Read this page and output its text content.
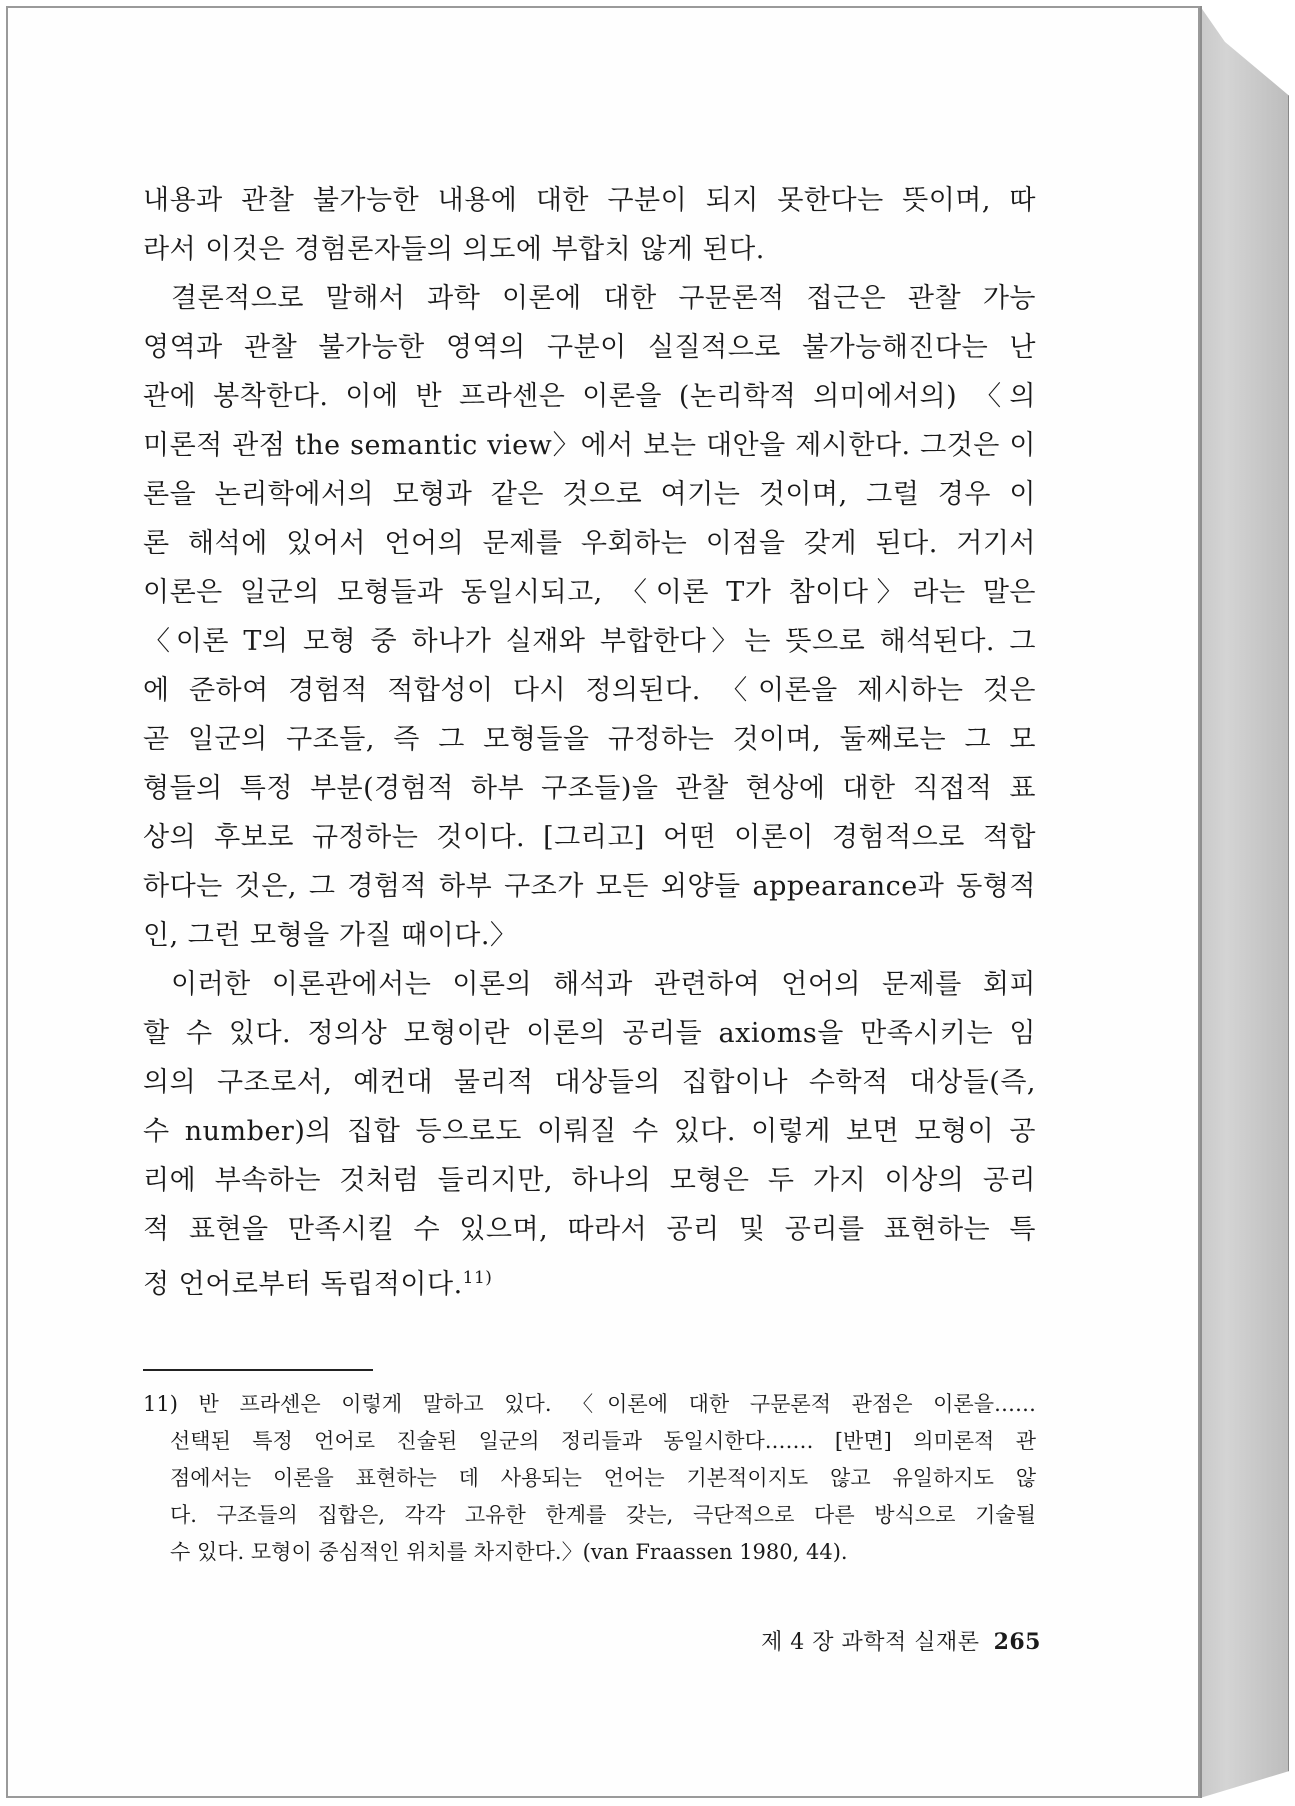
내용과 관찰 불가능한 내용에 대한 구분이 되지 못한다는 뜻이며, 따
라서 이것은 경험론자들의 의도에 부합치 않게 된다.
결론적으로 말해서 과학 이론에 대한 구문론적 접근은 관찰 가능
영역과 관찰 불가능한 영역의 구분이 실질적으로 불가능해진다는 난
관에 봉착한다. 이에 반 프라센은 이론을 (논리학적 의미에서의) 〈의
미론적 관점 the semantic view〉에서 보는 대안을 제시한다. 그것은 이
론을 논리학에서의 모형과 같은 것으로 여기는 것이며, 그럴 경우 이
론 해석에 있어서 언어의 문제를 우회하는 이점을 갖게 된다. 거기서
이론은 일군의 모형들과 동일시되고, 〈이론 T가 참이다〉라는 말은
〈이론 T의 모형 중 하나가 실재와 부합한다〉는 뜻으로 해석된다. 그
에 준하여 경험적 적합성이 다시 정의된다. 〈이론을 제시하는 것은
곧 일군의 구조들, 즉 그 모형들을 규정하는 것이며, 둘째로는 그 모
형들의 특정 부분(경험적 하부 구조들)을 관찰 현상에 대한 직접적 표
상의 후보로 규정하는 것이다. [그리고] 어떤 이론이 경험적으로 적합
하다는 것은, 그 경험적 하부 구조가 모든 외양들 appearance과 동형적
인, 그런 모형을 가질 때이다.〉
이러한 이론관에서는 이론의 해석과 관련하여 언어의 문제를 회피
할 수 있다. 정의상 모형이란 이론의 공리들 axioms을 만족시키는 임
의의 구조로서, 예컨대 물리적 대상들의 집합이나 수학적 대상들(즉,
수 number)의 집합 등으로도 이뤄질 수 있다. 이렇게 보면 모형이 공
리에 부속하는 것처럼 들리지만, 하나의 모형은 두 가지 이상의 공리
적 표현을 만족시킬 수 있으며, 따라서 공리 및 공리를 표현하는 특
정 언어로부터 독립적이다.$^{11)}$
11) 반 프라센은 이렇게 말하고 있다. 〈이론에 대한 구문론적 관점은 이론을……
선택된 특정 언어로 진술된 일군의 정리들과 동일시한다.…… [반면] 의미론적 관
점에서는 이론을 표현하는 데 사용되는 언어는 기본적이지도 않고 유일하지도 않
다. 구조들의 집합은, 각각 고유한 한계를 갖는, 극단적으로 다른 방식으로 기술될
수 있다. 모형이 중심적인 위치를 차지한다.〉(van Fraassen 1980, 44).
제 4 장 과학적 실재론 265
